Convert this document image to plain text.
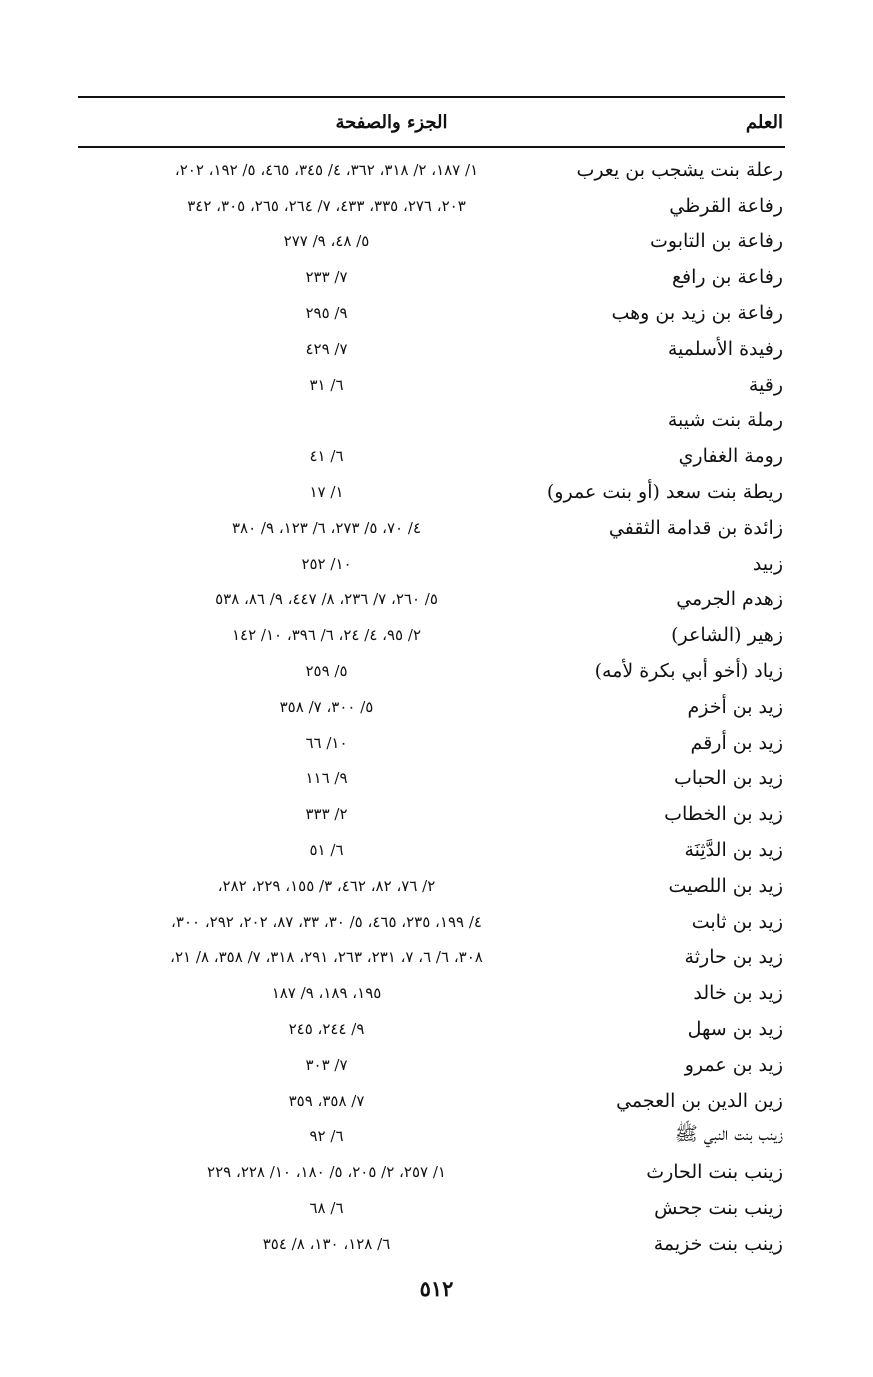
العلم
الجزء والصفحة
رعلة بنت يشجب بن يعرب
١/ ١٨٧، ٢/ ٣١٨، ٣٦٢، ٤/ ٣٤٥، ٤٦٥، ٥/ ١٩٢، ٢٠٢،
رفاعة القرظي
٢٠٣، ٢٧٦، ٣٣٥، ٤٣٣، ٧/ ٢٦٤، ٢٦٥، ٣٠٥، ٣٤٢
رفاعة بن التابوت
٥/ ٤٨، ٩/ ٢٧٧
رفاعة بن رافع
٧/ ٢٣٣
رفاعة بن زيد بن وهب
٩/ ٢٩٥
رفيدة الأسلمية
٧/ ٤٢٩
رقية
٦/ ٣١
رملة بنت شيبة
رومة الغفاري
٦/ ٤١
ريطة بنت سعد (أو بنت عمرو)
١/ ١٧
زائدة بن قدامة الثقفي
٤/ ٧٠، ٥/ ٢٧٣، ٦/ ١٢٣، ٩/ ٣٨٠
زبيد
١٠/ ٢٥٢
زهدم الجرمي
٥/ ٢٦٠، ٧/ ٢٣٦، ٨/ ٤٤٧، ٩/ ٨٦، ٥٣٨
زهير (الشاعر)
٢/ ٩٥، ٤/ ٢٤، ٦/ ٣٩٦، ١٠/ ١٤٢
زياد (أخو أبي بكرة لأمه)
٥/ ٢٥٩
زيد بن أخزم
٥/ ٣٠٠، ٧/ ٣٥٨
زيد بن أرقم
١٠/ ٦٦
زيد بن الحباب
٩/ ١١٦
زيد بن الخطاب
٢/ ٣٣٣
زيد بن الدَّثِنَة
٦/ ٥١
زيد بن اللصيت
٢/ ٧٦، ٨٢، ٤٦٢، ٣/ ١٥٥، ٢٢٩، ٢٨٢،
زيد بن ثابت
٤/ ١٩٩، ٢٣٥، ٤٦٥، ٥/ ٣٠، ٣٣، ٨٧، ٢٠٢، ٢٩٢، ٣٠٠،
زيد بن حارثة
٣٠٨، ٦/ ٦، ٧، ٢٣١، ٢٦٣، ٢٩١، ٣١٨، ٧/ ٣٥٨، ٨/ ٢١،
زيد بن خالد
١٩٥، ١٨٩، ٩/ ١٨٧
زيد بن سهل
٩/ ٢٤٤، ٢٤٥
زيد بن عمرو
٧/ ٣٠٣
زين الدين بن العجمي
٧/ ٣٥٨، ٣٥٩
زينب بنت النبي ﷺ
٦/ ٩٢
زينب بنت الحارث
١/ ٢٥٧، ٢/ ٢٠٥، ٥/ ١٨٠، ١٠/ ٢٢٨، ٢٢٩
زينب بنت جحش
٦/ ٦٨
زينب بنت خزيمة
٦/ ١٢٨، ١٣٠، ٨/ ٣٥٤
٥١٢
